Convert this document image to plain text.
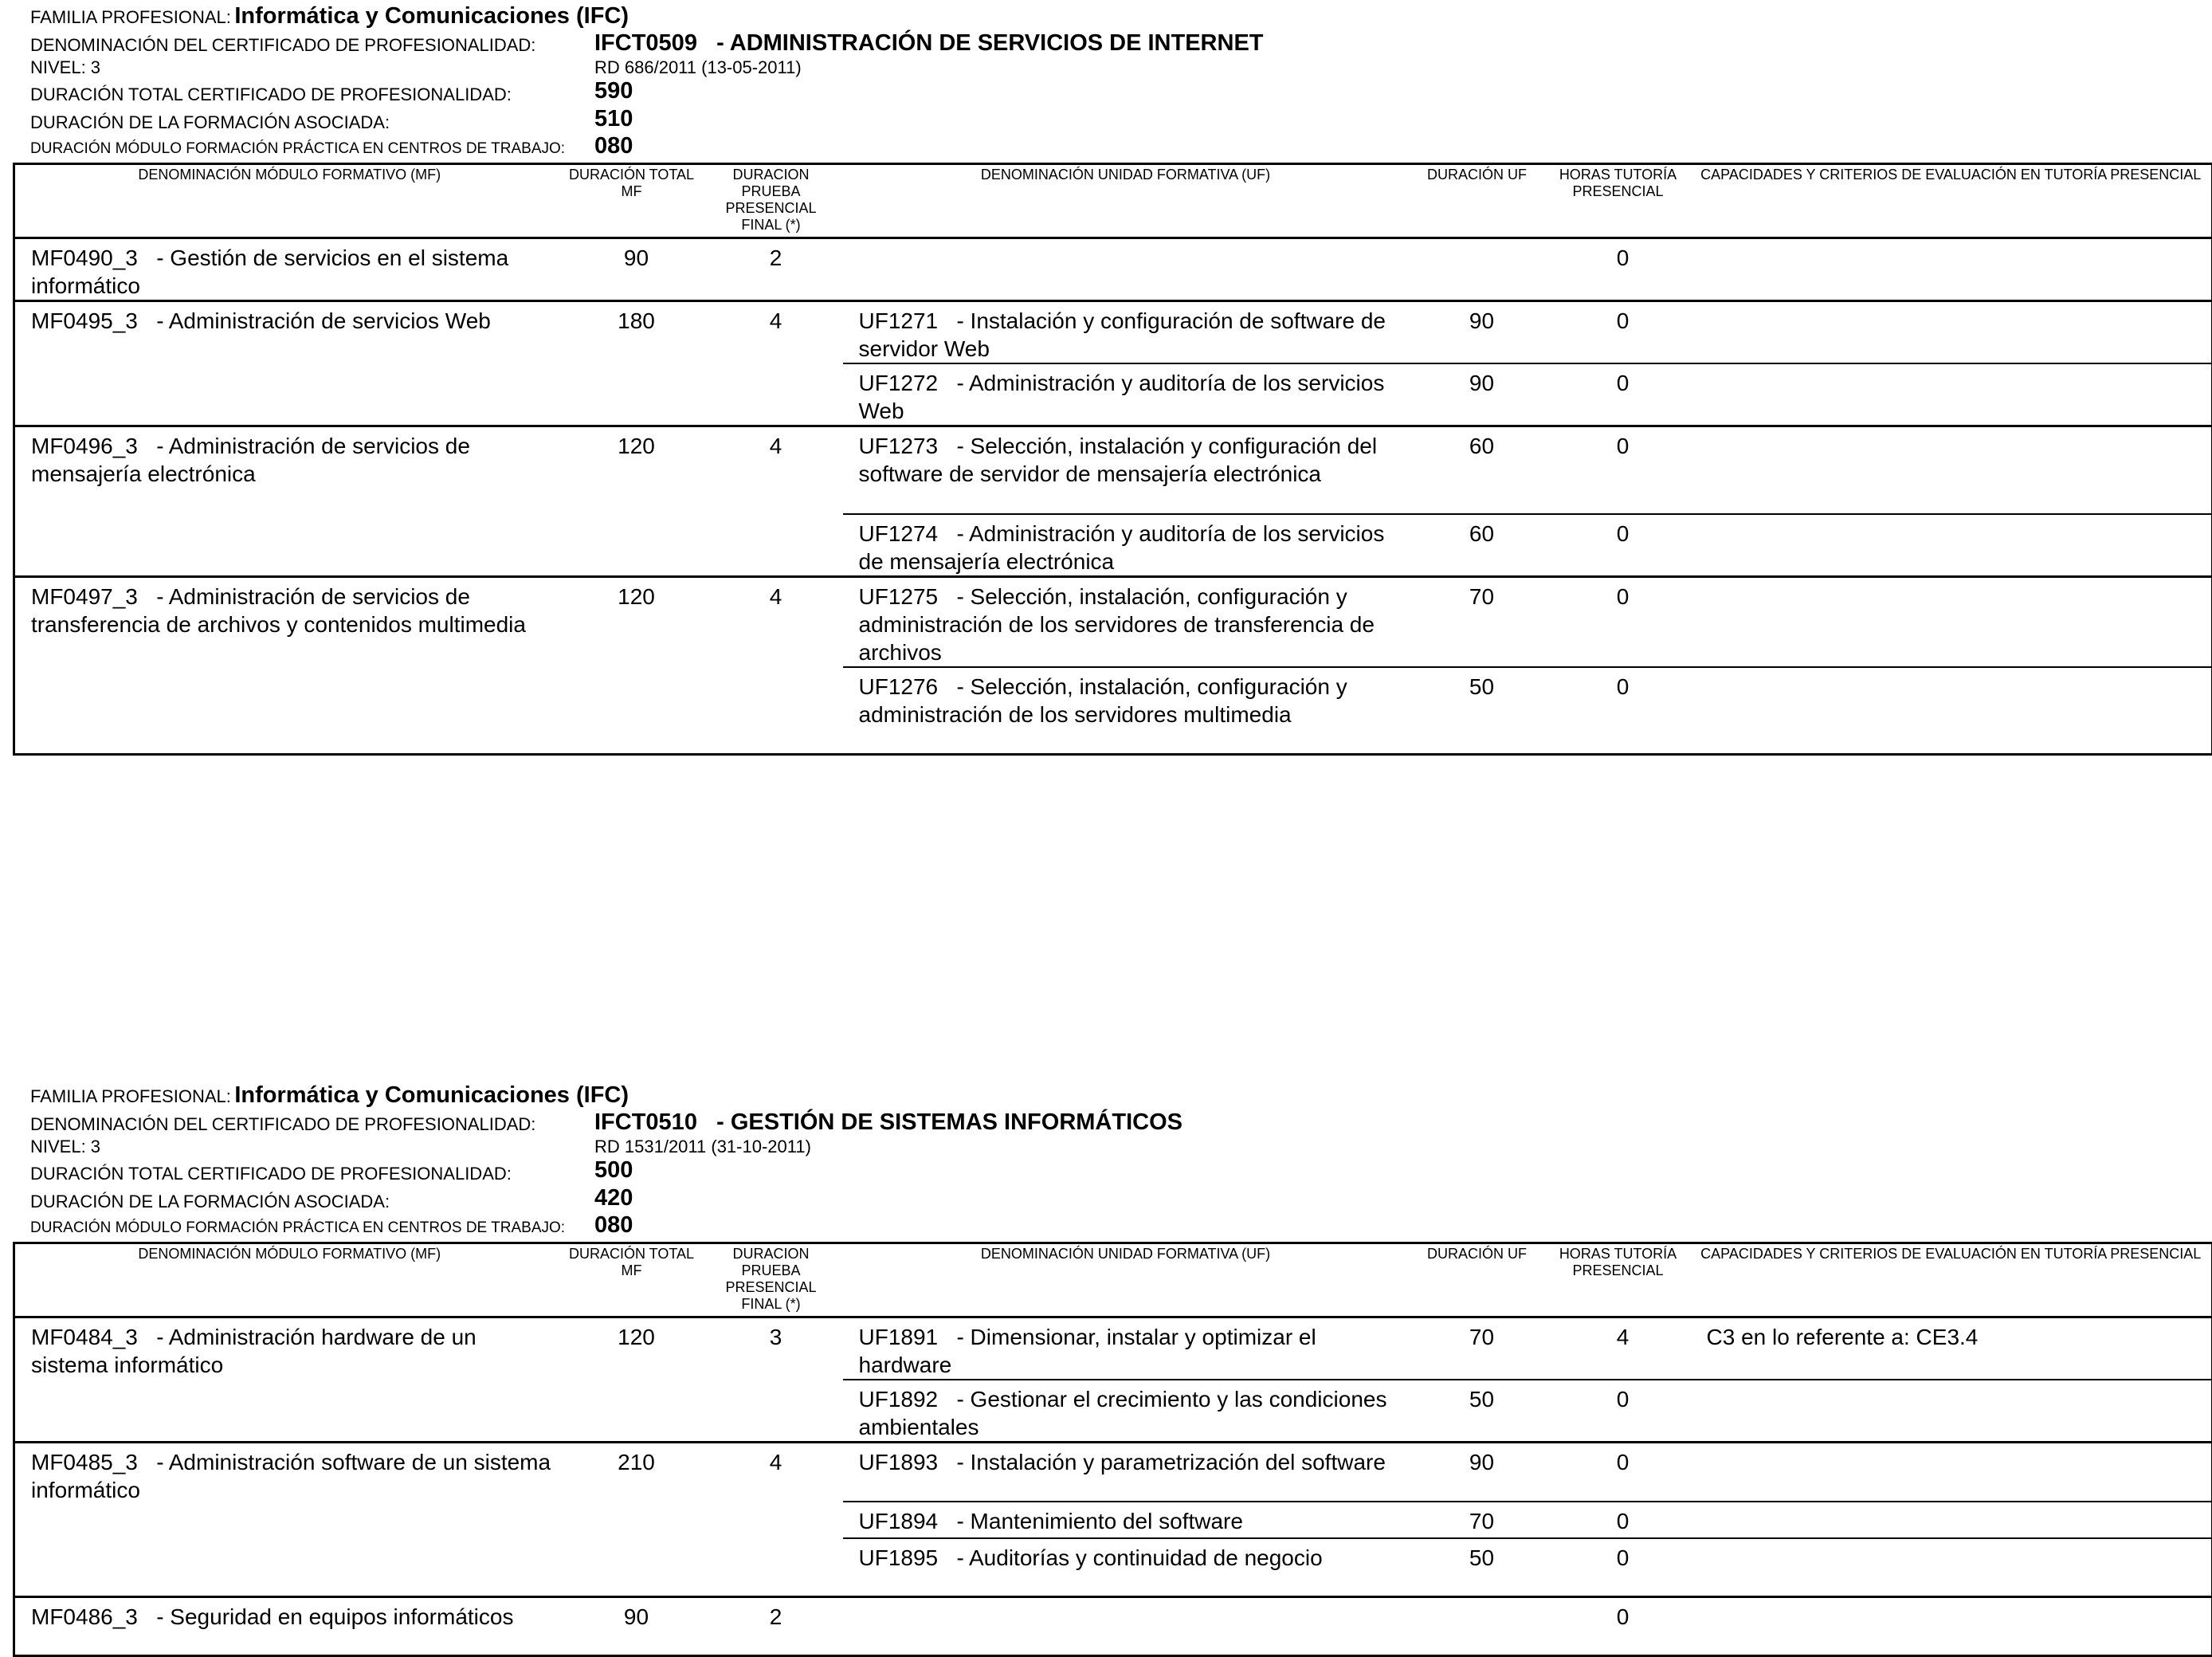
FAMILIA PROFESIONAL: Informática y Comunicaciones (IFC)
DENOMINACIÓN DEL CERTIFICADO DE PROFESIONALIDAD:	IFCT0509   - ADMINISTRACIÓN DE SERVICIOS DE INTERNET
NIVEL: 3	RD 686/2011 (13-05-2011)
DURACIÓN TOTAL CERTIFICADO DE PROFESIONALIDAD:	590
DURACIÓN DE LA FORMACIÓN ASOCIADA:	510
DURACIÓN MÓDULO FORMACIÓN PRÁCTICA EN CENTROS DE TRABAJO: 080
DENOMINACIÓN MÓDULO FORMATIVO (MF)	DURACIÓN TOTAL MF	DURACION PRUEBA PRESENCIAL FINAL (*)	DENOMINACIÓN UNIDAD FORMATIVA (UF)	DURACIÓN UF	HORAS TUTORÍA PRESENCIAL	CAPACIDADES Y CRITERIOS DE EVALUACIÓN EN TUTORÍA PRESENCIAL
MF0490_3   - Gestión de servicios en el sistema informático	90	2			0	
MF0495_3   - Administración de servicios Web	180	4	UF1271   - Instalación y configuración de software de servidor Web	90	0	
			UF1272   - Administración y auditoría de los servicios Web	90	0	
MF0496_3   - Administración de servicios de mensajería electrónica	120	4	UF1273   - Selección, instalación y configuración del software de servidor de mensajería electrónica	60	0	
			UF1274   - Administración y auditoría de los servicios de mensajería electrónica	60	0	
MF0497_3   - Administración de servicios de transferencia de archivos y contenidos multimedia	120	4	UF1275   - Selección, instalación, configuración y administración de los servidores de transferencia de archivos	70	0	
			UF1276   - Selección, instalación, configuración y administración de los servidores multimedia	50	0	
FAMILIA PROFESIONAL: Informática y Comunicaciones (IFC)
DENOMINACIÓN DEL CERTIFICADO DE PROFESIONALIDAD:	IFCT0510   - GESTIÓN DE SISTEMAS INFORMÁTICOS
NIVEL: 3	RD 1531/2011 (31-10-2011)
DURACIÓN TOTAL CERTIFICADO DE PROFESIONALIDAD:	500
DURACIÓN DE LA FORMACIÓN ASOCIADA:	420
DURACIÓN MÓDULO FORMACIÓN PRÁCTICA EN CENTROS DE TRABAJO: 080
DENOMINACIÓN MÓDULO FORMATIVO (MF)	DURACIÓN TOTAL MF	DURACION PRUEBA PRESENCIAL FINAL (*)	DENOMINACIÓN UNIDAD FORMATIVA (UF)	DURACIÓN UF	HORAS TUTORÍA PRESENCIAL	CAPACIDADES Y CRITERIOS DE EVALUACIÓN EN TUTORÍA PRESENCIAL
MF0484_3   - Administración hardware de un sistema informático	120	3	UF1891   - Dimensionar, instalar y optimizar el hardware	70	4	C3 en lo referente a: CE3.4
			UF1892   - Gestionar el crecimiento y las condiciones ambientales	50	0	
MF0485_3   - Administración software de un sistema informático	210	4	UF1893   - Instalación y parametrización del software	90	0	
			UF1894   - Mantenimiento del software	70	0	
			UF1895   - Auditorías y continuidad de negocio	50	0	
MF0486_3   - Seguridad en equipos informáticos	90	2			0	
